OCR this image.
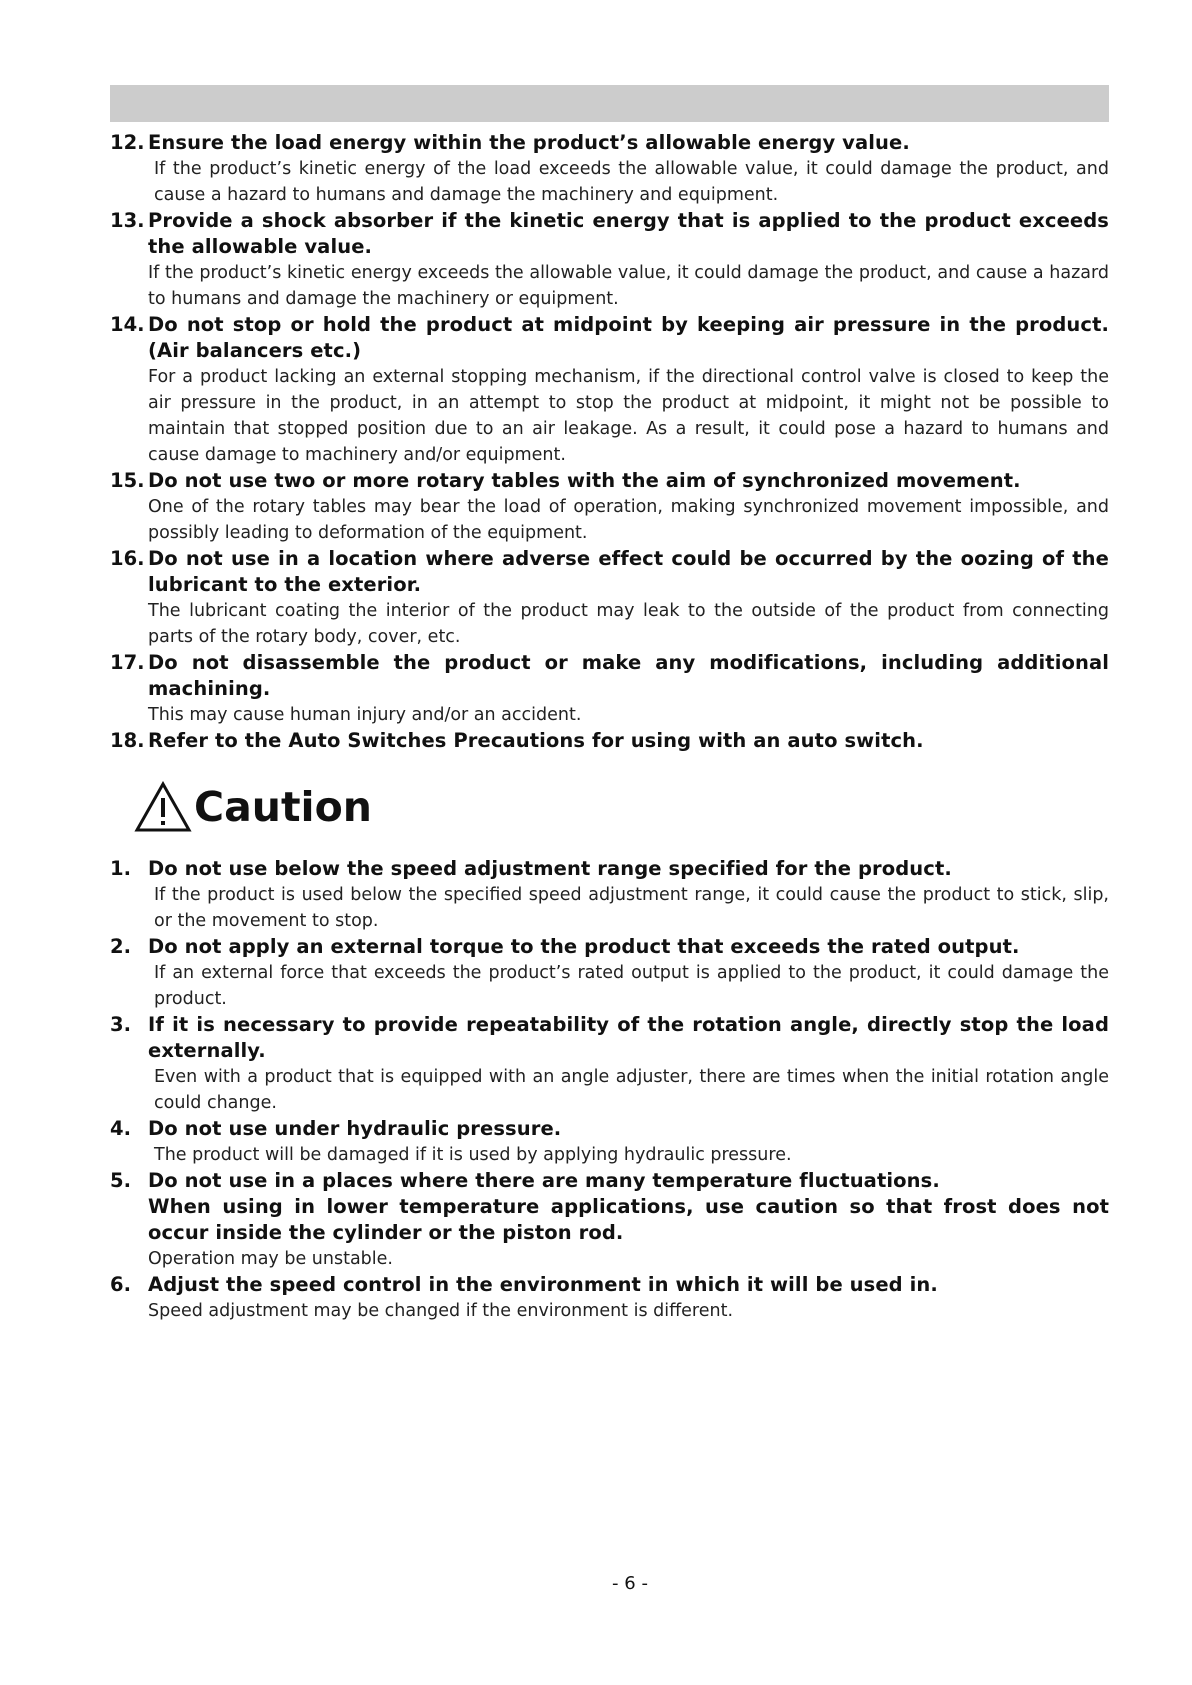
12. Ensure the load energy within the product’s allowable energy value.
If the product’s kinetic energy of the load exceeds the allowable value, it could damage the product, and cause a hazard to humans and damage the machinery and equipment.
13. Provide a shock absorber if the kinetic energy that is applied to the product exceeds the allowable value.
If the product’s kinetic energy exceeds the allowable value, it could damage the product, and cause a hazard to humans and damage the machinery or equipment.
14. Do not stop or hold the product at midpoint by keeping air pressure in the product. (Air balancers etc.)
For a product lacking an external stopping mechanism, if the directional control valve is closed to keep the air pressure in the product, in an attempt to stop the product at midpoint, it might not be possible to maintain that stopped position due to an air leakage. As a result, it could pose a hazard to humans and cause damage to machinery and/or equipment.
15. Do not use two or more rotary tables with the aim of synchronized movement.
One of the rotary tables may bear the load of operation, making synchronized movement impossible, and possibly leading to deformation of the equipment.
16. Do not use in a location where adverse effect could be occurred by the oozing of the lubricant to the exterior.
The lubricant coating the interior of the product may leak to the outside of the product from connecting parts of the rotary body, cover, etc.
17. Do not disassemble the product or make any modifications, including additional machining.
This may cause human injury and/or an accident.
18. Refer to the Auto Switches Precautions for using with an auto switch.
Caution
1. Do not use below the speed adjustment range specified for the product.
If the product is used below the specified speed adjustment range, it could cause the product to stick, slip, or the movement to stop.
2. Do not apply an external torque to the product that exceeds the rated output.
If an external force that exceeds the product’s rated output is applied to the product, it could damage the product.
3. If it is necessary to provide repeatability of the rotation angle, directly stop the load externally.
Even with a product that is equipped with an angle adjuster, there are times when the initial rotation angle could change.
4. Do not use under hydraulic pressure.
The product will be damaged if it is used by applying hydraulic pressure.
5. Do not use in a places where there are many temperature fluctuations.
When using in lower temperature applications, use caution so that frost does not occur inside the cylinder or the piston rod.
Operation may be unstable.
6. Adjust the speed control in the environment in which it will be used in.
Speed adjustment may be changed if the environment is different.
- 6 -
